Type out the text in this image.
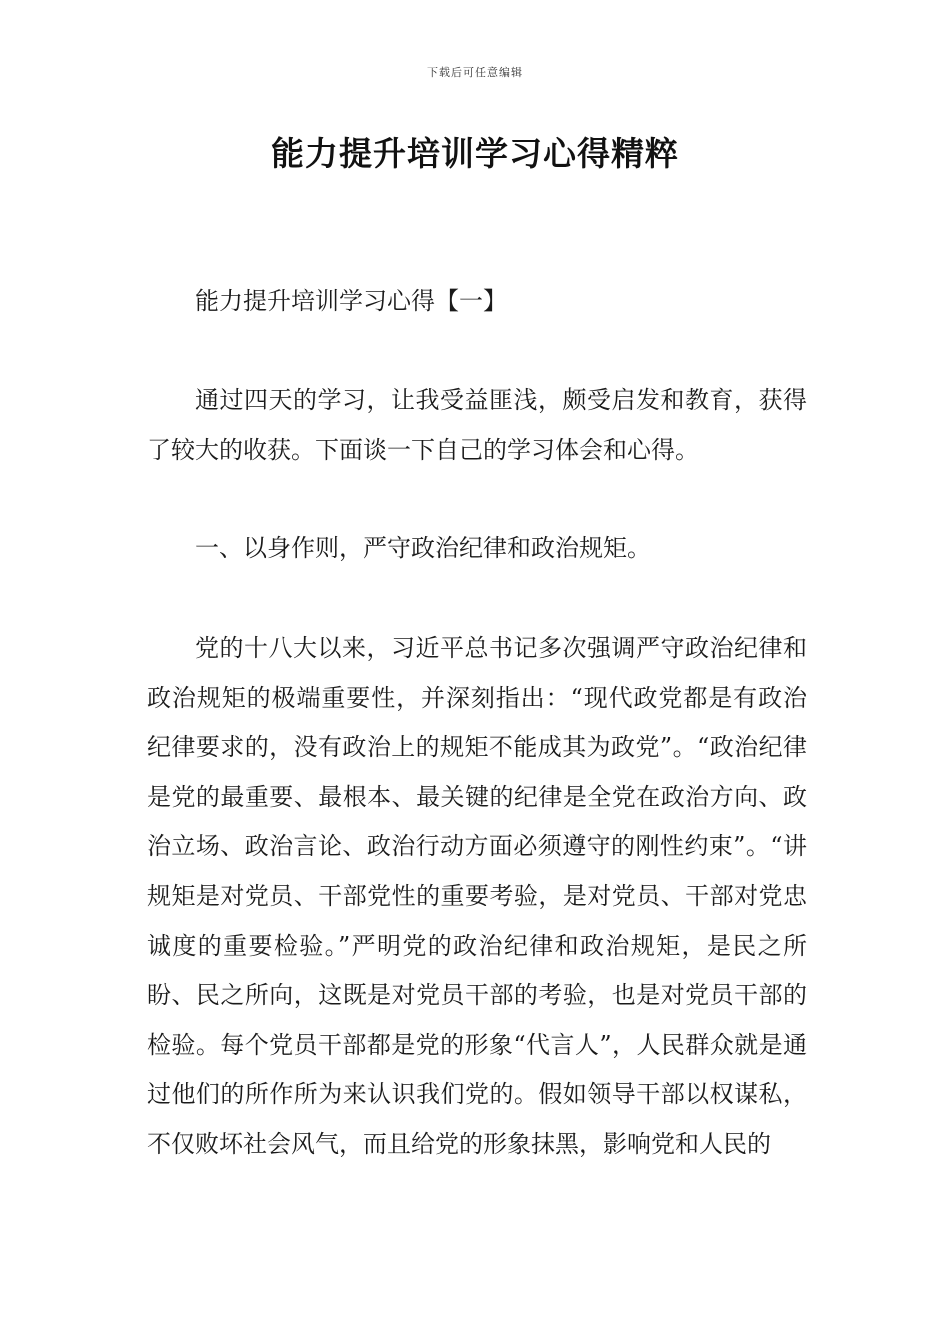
下载后可任意编辑
能力提升培训学习心得精粹

能力提升培训学习心得【一】

通过四天的学习，让我受益匪浅，颇受启发和教育，获得了较大的收获。下面谈一下自己的学习体会和心得。

一、以身作则，严守政治纪律和政治规矩。

党的十八大以来，习近平总书记多次强调严守政治纪律和政治规矩的极端重要性，并深刻指出：“现代政党都是有政治纪律要求的，没有政治上的规矩不能成其为政党”。“政治纪律是党的最重要、最根本、最关键的纪律是全党在政治方向、政治立场、政治言论、政治行动方面必须遵守的刚性约束”。“讲规矩是对党员、干部党性的重要考验，是对党员、干部对党忠诚度的重要检验。”严明党的政治纪律和政治规矩，是民之所盼、民之所向，这既是对党员干部的考验，也是对党员干部的检验。每个党员干部都是党的形象“代言人”，人民群众就是通过他们的所作所为来认识我们党的。假如领导干部以权谋私，不仅败坏社会风气，而且给党的形象抹黑，影响党和人民的
